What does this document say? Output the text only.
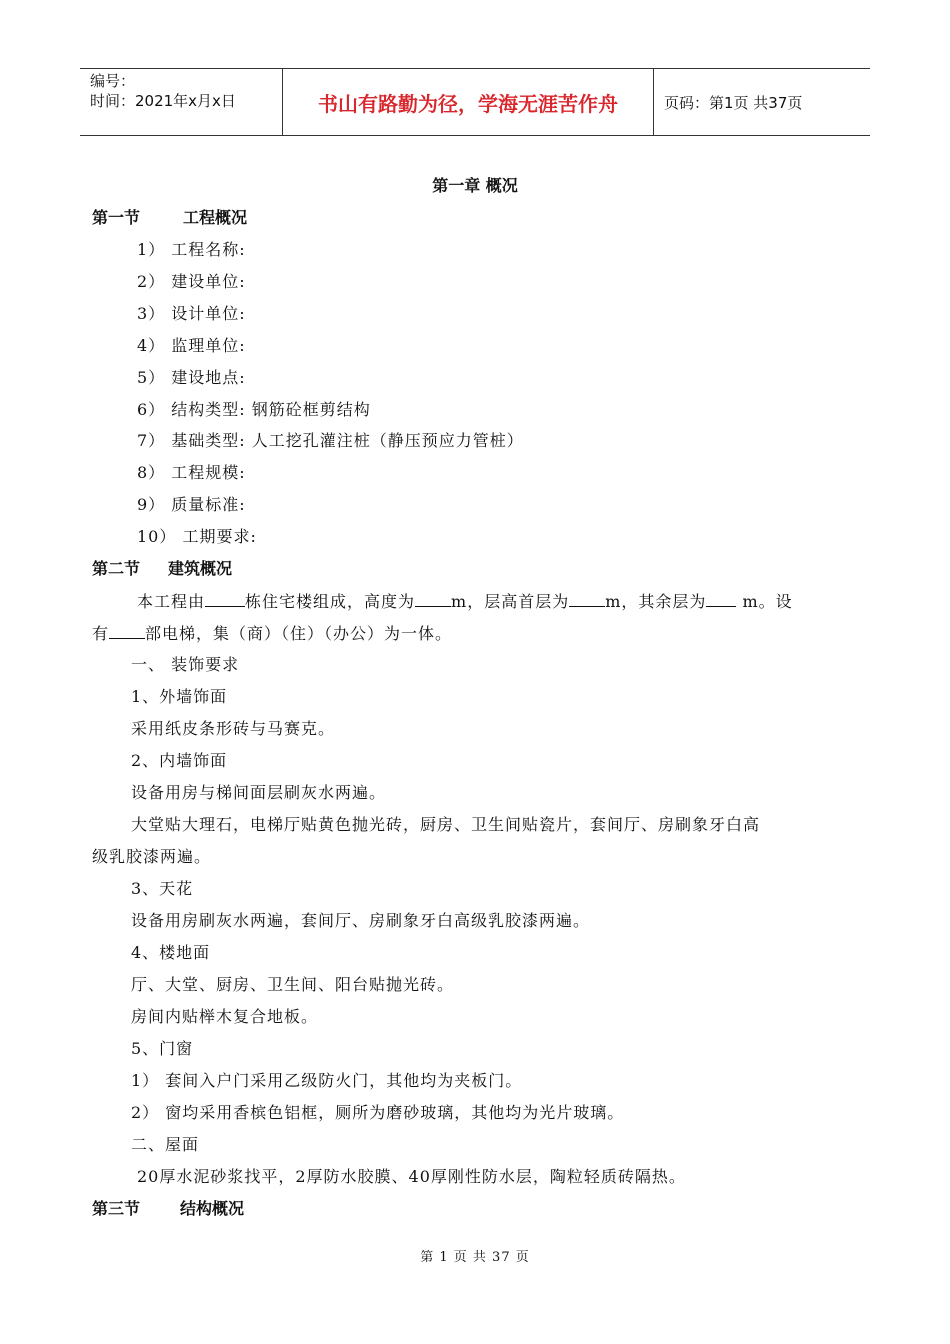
编号：
时间：2021年x月x日	书山有路勤为径，学海无涯苦作舟	页码：第1页 共37页
第一章 概况
第一节	工程概况
1） 工程名称:
2） 建设单位:
3） 设计单位:
4） 监理单位:
5） 建设地点:
6） 结构类型: 钢筋砼框剪结构
7） 基础类型: 人工挖孔灌注桩（静压预应力管桩）
8） 工程规模:
9） 质量标准:
10） 工期要求:
第二节 建筑概况
本工程由	栋住宅楼组成，高度为 m，层高首层为 m，其余层为 m。设
有 部电梯，集（商）（住）（办公）为一体。
一、 装饰要求
1、外墙饰面
采用纸皮条形砖与马赛克。
2、内墙饰面
设备用房与梯间面层刷灰水两遍。
大堂贴大理石，电梯厅贴黄色抛光砖，厨房、卫生间贴瓷片，套间厅、房刷象牙白高
级乳胶漆两遍。
3、天花
设备用房刷灰水两遍，套间厅、房刷象牙白高级乳胶漆两遍。
4、楼地面
厅、大堂、厨房、卫生间、阳台贴抛光砖。
房间内贴榉木复合地板。
5、门窗
1） 套间入户门采用乙级防火门，其他均为夹板门。
2） 窗均采用香槟色铝框，厕所为磨砂玻璃，其他均为光片玻璃。
二、屋面
20厚水泥砂浆找平，2厚防水胶膜、40厚刚性防水层，陶粒轻质砖隔热。
第三节 结构概况
第 1 页 共 37 页
